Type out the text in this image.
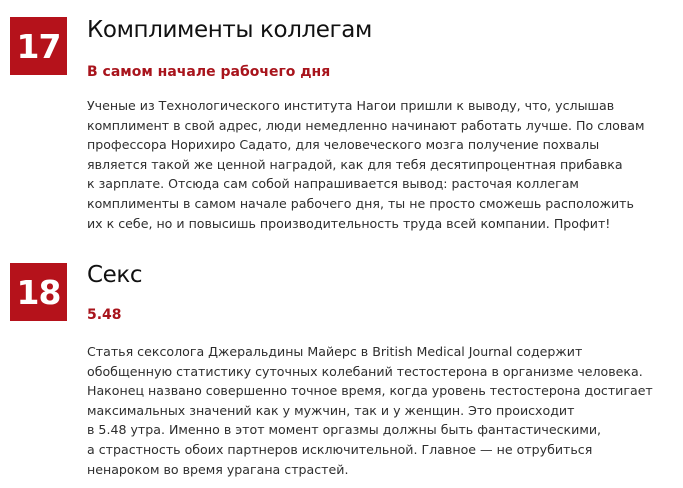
17 Комплименты коллегам
В самом начале рабочего дня
Ученые из Технологического института Нагои пришли к выводу, что, услышав
комплимент в свой адрес, люди немедленно начинают работать лучше. По словам
профессора Норихиро Садато, для человеческого мозга получение похвалы
является такой же ценной наградой, как для тебя десятипроцентная прибавка
к зарплате. Отсюда сам собой напрашивается вывод: расточая коллегам
комплименты в самом начале рабочего дня, ты не просто сможешь расположить
их к себе, но и повысишь производительность труда всей компании. Профит!
18 Секс
5.48
Статья сексолога Джеральдины Майерс в British Medical Journal содержит
обобщенную статистику суточных колебаний тестостерона в организме человека.
Наконец названо совершенно точное время, когда уровень тестостерона достигает
максимальных значений как у мужчин, так и у женщин. Это происходит
в 5.48 утра. Именно в этот момент оргазмы должны быть фантастическими,
а страстность обоих партнеров исключительной. Главное — не отрубиться
ненароком во время урагана страстей.
